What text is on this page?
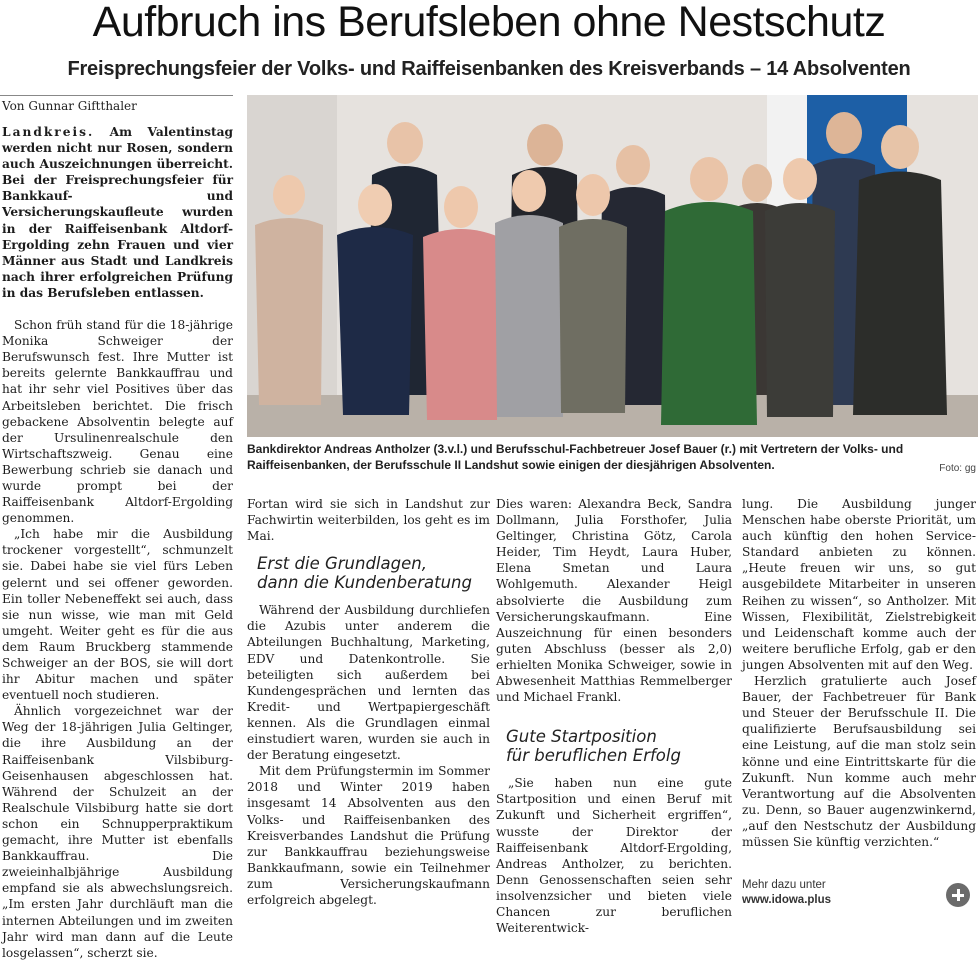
Aufbruch ins Berufsleben ohne Nestschutz
Freisprechungsfeier der Volks- und Raiffeisenbanken des Kreisverbands – 14 Absolventen
Von Gunnar Giftthaler

Landkreis. Am Valentinstag werden nicht nur Rosen, sondern auch Auszeichnungen überreicht. Bei der Freisprechungsfeier für Bankkauf- und Versicherungskaufleute wurden in der Raiffeisenbank Altdorf-Ergolding zehn Frauen und vier Männer aus Stadt und Landkreis nach ihrer erfolgreichen Prüfung in das Berufsleben entlassen.

Schon früh stand für die 18-jährige Monika Schweiger der Berufswunsch fest. Ihre Mutter ist bereits gelernte Bankkauffrau und hat ihr sehr viel Positives über das Arbeitsleben berichtet. Die frisch gebackene Absolventin belegte auf der Ursulinenrealschule den Wirtschaftszweig. Genau eine Bewerbung schrieb sie danach und wurde prompt bei der Raiffeisenbank Altdorf-Ergolding genommen.

„Ich habe mir die Ausbildung trockener vorgestellt“, schmunzelt sie. Dabei habe sie viel fürs Leben gelernt und sei offener geworden. Ein toller Nebeneffekt sei auch, dass sie nun wisse, wie man mit Geld umgeht. Weiter geht es für die aus dem Raum Bruckberg stammende Schweiger an der BOS, sie will dort ihr Abitur machen und später eventuell noch studieren.

Ähnlich vorgezeichnet war der Weg der 18-jährigen Julia Geltinger, die ihre Ausbildung an der Raiffeisenbank Vilsbiburg-Geisenhausen abgeschlossen hat. Während der Schulzeit an der Realschule Vilsbiburg hatte sie dort schon ein Schnupperpraktikum gemacht, ihre Mutter ist ebenfalls Bankkauffrau. Die zweieinhalbjährige Ausbildung empfand sie als abwechslungsreich. „Im ersten Jahr durchläuft man die internen Abteilungen und im zweiten Jahr wird man dann auf die Leute losgelassen“, scherzt sie.

Bankdirektor Andreas Antholzer (3.v.l.) und Berufsschul-Fachbetreuer Josef Bauer (r.) mit Vertretern der Volks- und Raiffeisenbanken, der Berufsschule II Landshut sowie einigen der diesjährigen Absolventen.	Foto: gg

Fortan wird sie sich in Landshut zur Fachwirtin weiterbilden, los geht es im Mai.

Erst die Grundlagen,
dann die Kundenberatung

Während der Ausbildung durchliefen die Azubis unter anderem die Abteilungen Buchhaltung, Marketing, EDV und Datenkontrolle. Sie beteiligten sich außerdem bei Kundengesprächen und lernten das Kredit- und Wertpapiergeschäft kennen. Als die Grundlagen einmal einstudiert waren, wurden sie auch in der Beratung eingesetzt.

Mit dem Prüfungstermin im Sommer 2018 und Winter 2019 haben insgesamt 14 Absolventen aus den Volks- und Raiffeisenbanken des Kreisverbandes Landshut die Prüfung zur Bankkauffrau beziehungsweise Bankkaufmann, sowie ein Teilnehmer zum Versicherungskaufmann erfolgreich abgelegt.

Dies waren: Alexandra Beck, Sandra Dollmann, Julia Forsthofer, Julia Geltinger, Christina Götz, Carola Heider, Tim Heydt, Laura Huber, Elena Smetan und Laura Wohlgemuth. Alexander Heigl absolvierte die Ausbildung zum Versicherungskaufmann. Eine Auszeichnung für einen besonders guten Abschluss (besser als 2,0) erhielten Monika Schweiger, sowie in Abwesenheit Matthias Remmelberger und Michael Frankl.

Gute Startposition
für beruflichen Erfolg

„Sie haben nun eine gute Startposition und einen Beruf mit Zukunft und Sicherheit ergriffen“, wusste der Direktor der Raiffeisenbank Altdorf-Ergolding, Andreas Antholzer, zu berichten. Denn Genossenschaften seien sehr insolvenzsicher und bieten viele Chancen zur beruflichen Weiterentwick-

lung. Die Ausbildung junger Menschen habe oberste Priorität, um auch künftig den hohen Service-Standard anbieten zu können. „Heute freuen wir uns, so gut ausgebildete Mitarbeiter in unseren Reihen zu wissen“, so Antholzer. Mit Wissen, Flexibilität, Zielstrebigkeit und Leidenschaft komme auch der weitere berufliche Erfolg, gab er den jungen Absolventen mit auf den Weg.

Herzlich gratulierte auch Josef Bauer, der Fachbetreuer für Bank und Steuer der Berufsschule II. Die qualifizierte Berufsausbildung sei eine Leistung, auf die man stolz sein könne und eine Eintrittskarte für die Zukunft. Nun komme auch mehr Verantwortung auf die Absolventen zu. Denn, so Bauer augenzwinkernd, „auf den Nestschutz der Ausbildung müssen Sie künftig verzichten.“

Mehr dazu unter
www.idowa.plus
